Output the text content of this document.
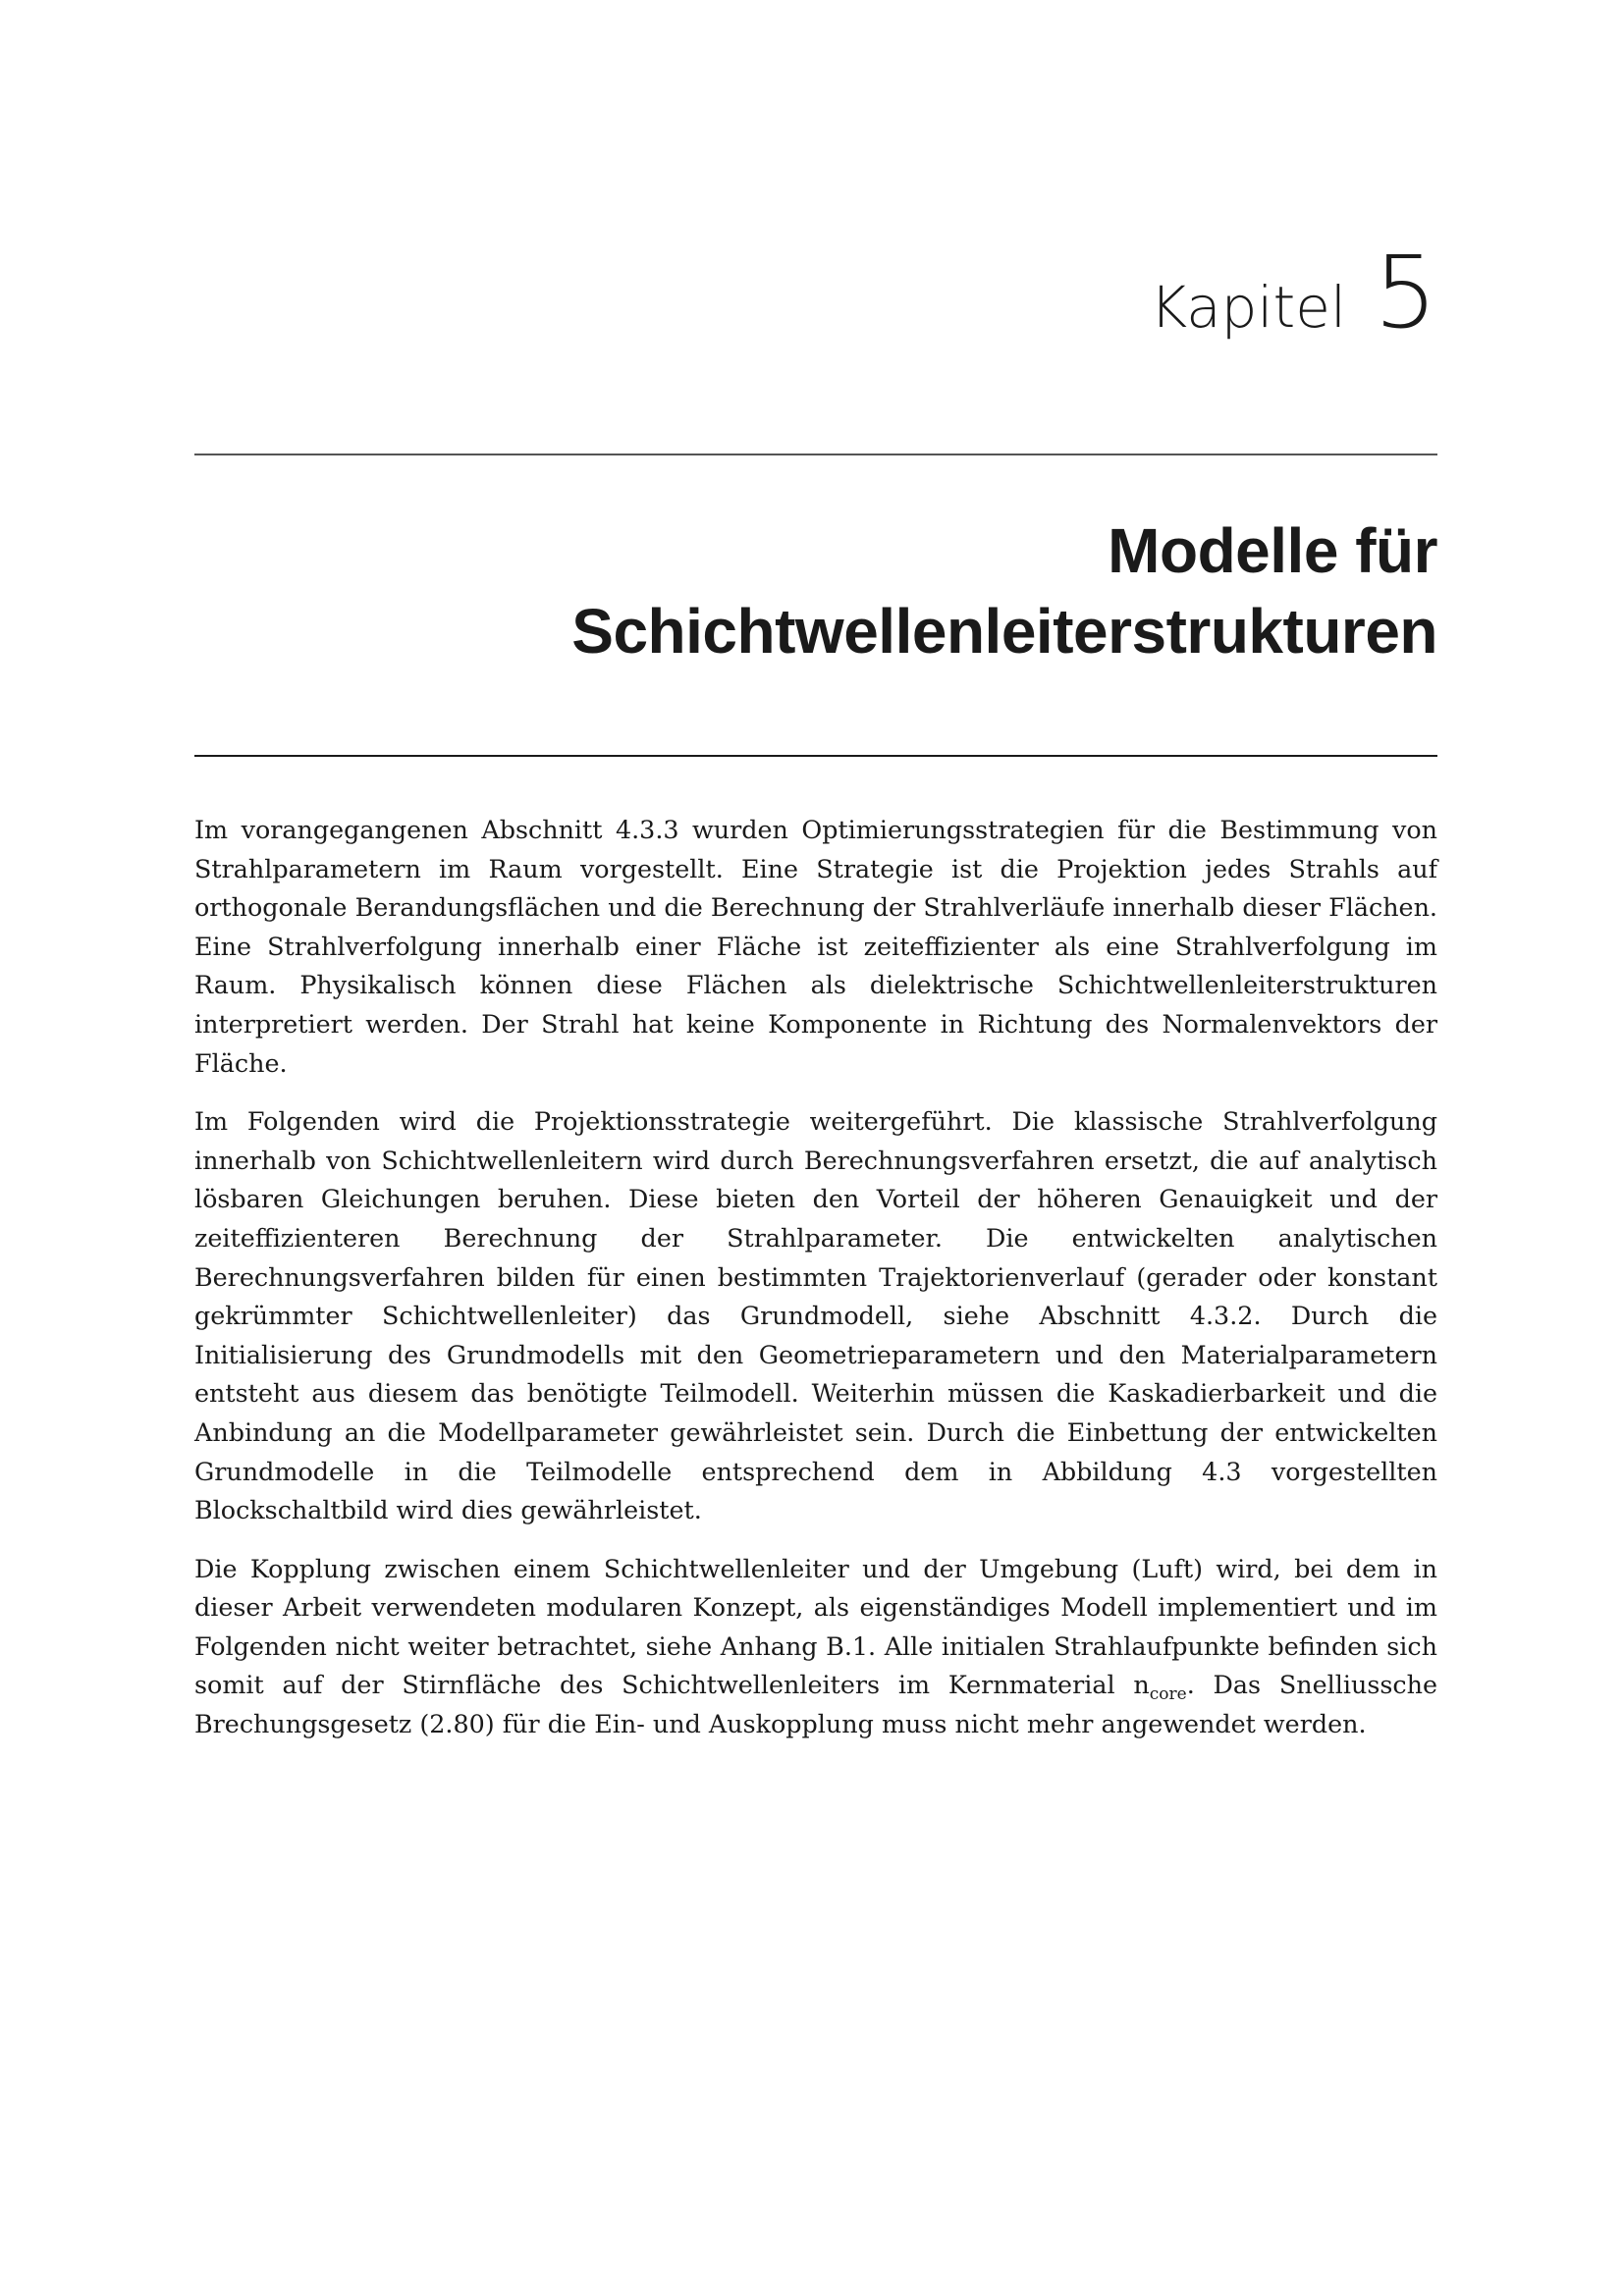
Kapitel 5
Modelle für
Schichtwellenleiterstrukturen

Im vorangegangenen Abschnitt 4.3.3 wurden Optimierungsstrategien für die Bestimmung von Strahlparametern im Raum vorgestellt. Eine Strategie ist die Projektion jedes Strahls auf orthogonale Berandungsflächen und die Berechnung der Strahlverläufe innerhalb dieser Flächen. Eine Strahlverfolgung innerhalb einer Fläche ist zeiteffizienter als eine Strahlverfolgung im Raum. Physikalisch können diese Flächen als dielektrische Schichtwellenleiterstrukturen interpretiert werden. Der Strahl hat keine Komponente in Richtung des Normalenvektors der Fläche.

Im Folgenden wird die Projektionsstrategie weitergeführt. Die klassische Strahlverfolgung innerhalb von Schichtwellenleitern wird durch Berechnungsverfahren ersetzt, die auf analytisch lösbaren Gleichungen beruhen. Diese bieten den Vorteil der höheren Genauigkeit und der zeiteffizienteren Berechnung der Strahlparameter. Die entwickelten analytischen Berechnungsverfahren bilden für einen bestimmten Trajektorienverlauf (gerader oder konstant gekrümmter Schichtwellenleiter) das Grundmodell, siehe Abschnitt 4.3.2. Durch die Initialisierung des Grundmodells mit den Geometrieparametern und den Materialparametern entsteht aus diesem das benötigte Teilmodell. Weiterhin müssen die Kaskadierbarkeit und die Anbindung an die Modellparameter gewährleistet sein. Durch die Einbettung der entwickelten Grundmodelle in die Teilmodelle entsprechend dem in Abbildung 4.3 vorgestellten Blockschaltbild wird dies gewährleistet.

Die Kopplung zwischen einem Schichtwellenleiter und der Umgebung (Luft) wird, bei dem in dieser Arbeit verwendeten modularen Konzept, als eigenständiges Modell implementiert und im Folgenden nicht weiter betrachtet, siehe Anhang B.1. Alle initialen Strahlaufpunkte befinden sich somit auf der Stirnfläche des Schichtwellenleiters im Kernmaterial $n_{core}$. Das Snelliussche Brechungsgesetz (2.80) für die Ein- und Auskopplung muss nicht mehr angewendet werden.
